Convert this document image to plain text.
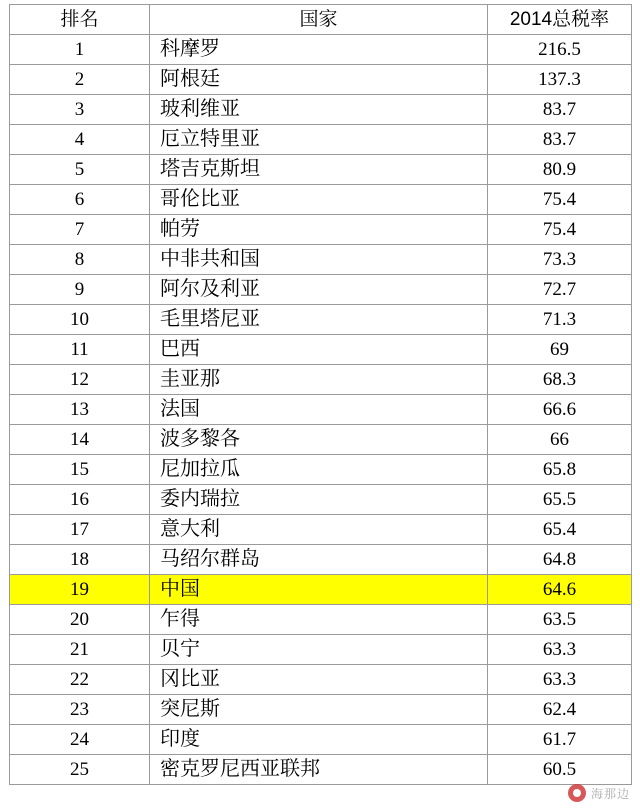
排名	国家	2014总税率
1	科摩罗	216.5
2	阿根廷	137.3
3	玻利维亚	83.7
4	厄立特里亚	83.7
5	塔吉克斯坦	80.9
6	哥伦比亚	75.4
7	帕劳	75.4
8	中非共和国	73.3
9	阿尔及利亚	72.7
10	毛里塔尼亚	71.3
11	巴西	69
12	圭亚那	68.3
13	法国	66.6
14	波多黎各	66
15	尼加拉瓜	65.8
16	委内瑞拉	65.5
17	意大利	65.4
18	马绍尔群岛	64.8
19	中国	64.6
20	乍得	63.5
21	贝宁	63.3
22	冈比亚	63.3
23	突尼斯	62.4
24	印度	61.7
25	密克罗尼西亚联邦	60.5
海那边
